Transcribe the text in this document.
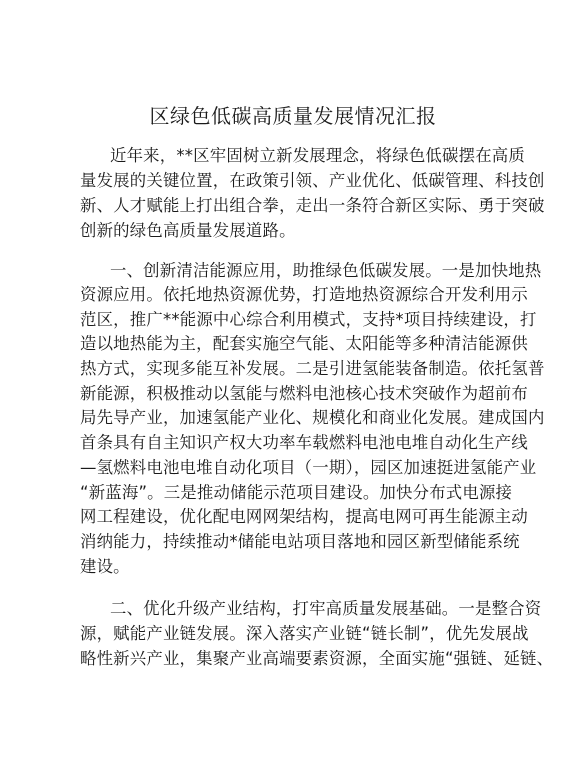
区绿色低碳高质量发展情况汇报
近年来，**区牢固树立新发展理念，将绿色低碳摆在高质
量发展的关键位置，在政策引领、产业优化、低碳管理、科技创
新、人才赋能上打出组合拳，走出一条符合新区实际、勇于突破
创新的绿色高质量发展道路。
一、创新清洁能源应用，助推绿色低碳发展。一是加快地热
资源应用。依托地热资源优势，打造地热资源综合开发利用示
范区，推广**能源中心综合利用模式，支持*项目持续建设，打
造以地热能为主，配套实施空气能、太阳能等多种清洁能源供
热方式，实现多能互补发展。二是引进氢能装备制造。依托氢普
新能源，积极推动以氢能与燃料电池核心技术突破作为超前布
局先导产业，加速氢能产业化、规模化和商业化发展。建成国内
首条具有自主知识产权大功率车载燃料电池电堆自动化生产线
—氢燃料电池电堆自动化项目（一期），园区加速挺进氢能产业
“新蓝海”。三是推动储能示范项目建设。加快分布式电源接
网工程建设，优化配电网网架结构，提高电网可再生能源主动
消纳能力，持续推动*储能电站项目落地和园区新型储能系统
建设。
二、优化升级产业结构，打牢高质量发展基础。一是整合资
源，赋能产业链发展。深入落实产业链“链长制”，优先发展战
略性新兴产业，集聚产业高端要素资源，全面实施“强链、延链、
